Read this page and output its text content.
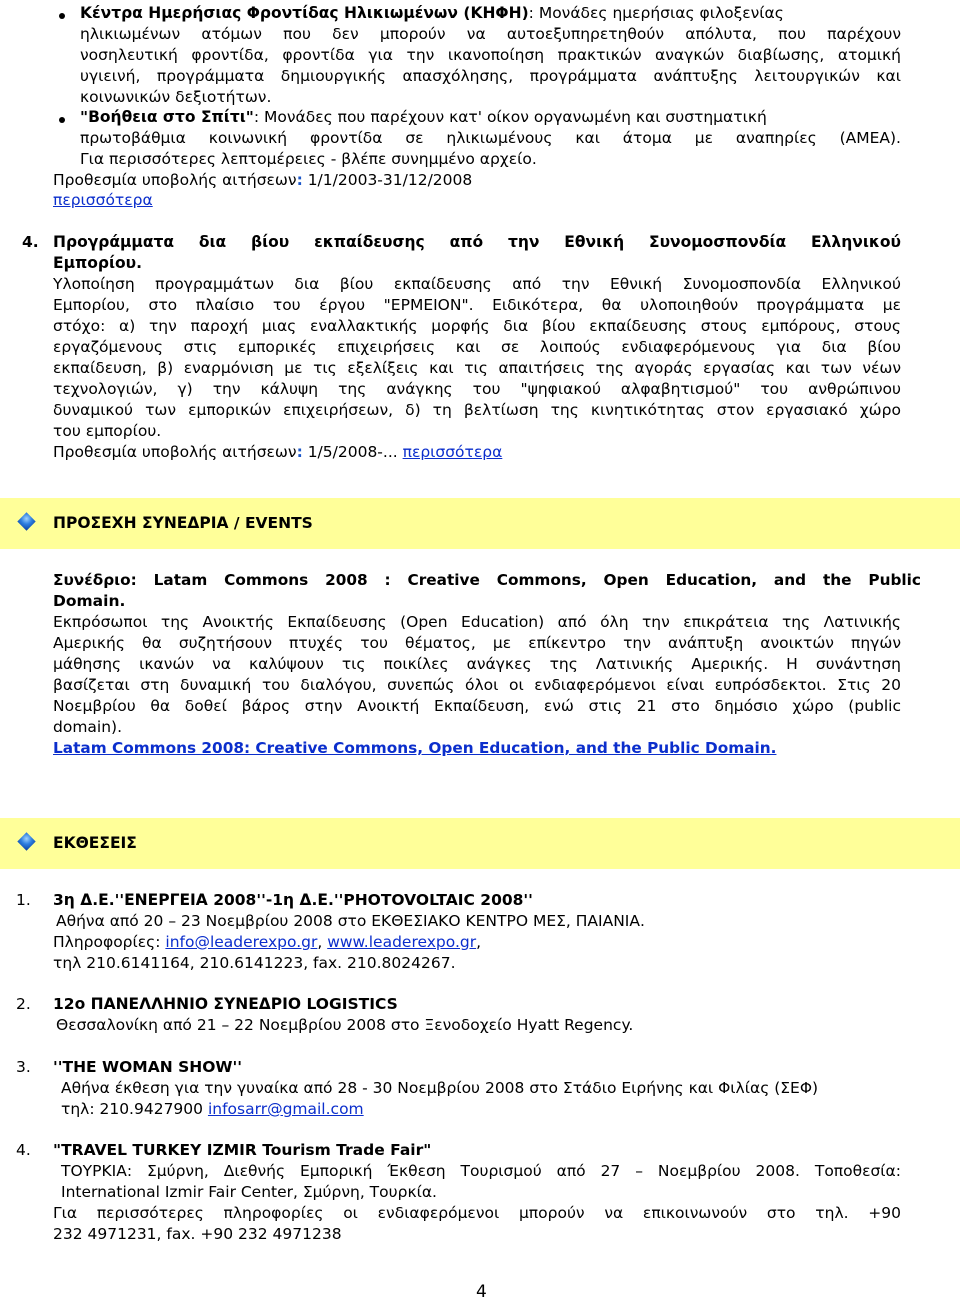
Κέντρα Ημερήσιας Φροντίδας Ηλικιωμένων (ΚΗΦΗ): Μονάδες ημερήσιας φιλοξενίας
ηλικιωμένων ατόμων που δεν μπορούν να αυτοεξυπηρετηθούν απόλυτα, που παρέχουν
νοσηλευτική φροντίδα, φροντίδα για την ικανοποίηση πρακτικών αναγκών διαβίωσης, ατομική
υγιεινή, προγράμματα δημιουργικής απασχόλησης, προγράμματα ανάπτυξης λειτουργικών και
κοινωνικών δεξιοτήτων.
"Βοήθεια στο Σπίτι": Μονάδες που παρέχουν κατ' οίκον οργανωμένη και συστηματική
πρωτοβάθμια κοινωνική φροντίδα σε ηλικιωμένους και άτομα με αναπηρίες (ΑΜΕΑ).
Για περισσότερες λεπτομέρειες - βλέπε συνημμένο αρχείο.
Προθεσμία υποβολής αιτήσεων: 1/1/2003-31/12/2008
περισσότερα
4. Προγράμματα δια βίου εκπαίδευσης από την Εθνική Συνομοσπονδία Ελληνικού
Εμπορίου.
Υλοποίηση προγραμμάτων δια βίου εκπαίδευσης από την Εθνική Συνομοσπονδία Ελληνικού
Εμπορίου, στο πλαίσιο του έργου "ΕΡΜΕΙΟΝ". Ειδικότερα, θα υλοποιηθούν προγράμματα με
στόχο: α) την παροχή μιας εναλλακτικής μορφής δια βίου εκπαίδευσης στους εμπόρους, στους
εργαζόμενους στις εμπορικές επιχειρήσεις και σε λοιπούς ενδιαφερόμενους για δια βίου
εκπαίδευση, β) εναρμόνιση με τις εξελίξεις και τις απαιτήσεις της αγοράς εργασίας και των νέων
τεχνολογιών, γ) την κάλυψη της ανάγκης του "ψηφιακού αλφαβητισμού" του ανθρώπινου
δυναμικού των εμπορικών επιχειρήσεων, δ) τη βελτίωση της κινητικότητας στον εργασιακό χώρο
του εμπορίου.
Προθεσμία υποβολής αιτήσεων: 1/5/2008-... περισσότερα
ΠΡΟΣΕΧΗ ΣΥΝΕΔΡΙΑ / EVENTS
Συνέδριο: Latam Commons 2008 : Creative Commons, Open Education, and the Public
Domain.
Εκπρόσωποι της Ανοικτής Εκπαίδευσης (Open Education) από όλη την επικράτεια της Λατινικής
Αμερικής θα συζητήσουν πτυχές του θέματος, με επίκεντρο την ανάπτυξη ανοικτών πηγών
μάθησης ικανών να καλύψουν τις ποικίλες ανάγκες της Λατινικής Αμερικής. Η συνάντηση
βασίζεται στη δυναμική του διαλόγου, συνεπώς όλοι οι ενδιαφερόμενοι είναι ευπρόσδεκτοι. Στις 20
Νοεμβρίου θα δοθεί βάρος στην Ανοικτή Εκπαίδευση, ενώ στις 21 στο δημόσιο χώρο (public
domain).
Latam Commons 2008: Creative Commons, Open Education, and the Public Domain.
ΕΚΘΕΣΕΙΣ
1.	3η Δ.Ε.''ΕΝΕΡΓΕΙΑ 2008''-1η Δ.Ε.''PHOTOVOLTAIC 2008''
Αθήνα από 20 – 23 Νοεμβρίου 2008 στο ΕΚΘΕΣΙΑΚΟ ΚΕΝΤΡΟ ΜΕΣ, ΠΑΙΑΝΙΑ.
Πληροφορίες: info@leaderexpo.gr, www.leaderexpo.gr,
τηλ 210.6141164, 210.6141223, fax. 210.8024267.
2.	12ο ΠΑΝΕΛΛΗΝΙΟ ΣΥΝΕΔΡΙΟ LOGISTICS
Θεσσαλονίκη από 21 – 22 Νοεμβρίου 2008 στο Ξενοδοχείο Hyatt Regency.
3.	''THE WOMAN SHOW''
Αθήνα έκθεση για την γυναίκα από 28 - 30 Νοεμβρίου 2008 στο Στάδιο Ειρήνης και Φιλίας (ΣΕΦ)
τηλ: 210.9427900 infosarr@gmail.com
4.	"TRAVEL TURKEY IZMIR Tourism Trade Fair"
ΤΟΥΡΚΙΑ: Σμύρνη, Διεθνής Εμπορική Έκθεση Τουρισμού από 27 – Νοεμβρίου 2008. Τοποθεσία:
International Izmir Fair Center, Σμύρνη, Τουρκία.
Για περισσότερες πληροφορίες οι ενδιαφερόμενοι μπορούν να επικοινωνούν στο τηλ. +90
232 4971231, fax. +90 232 4971238
4
